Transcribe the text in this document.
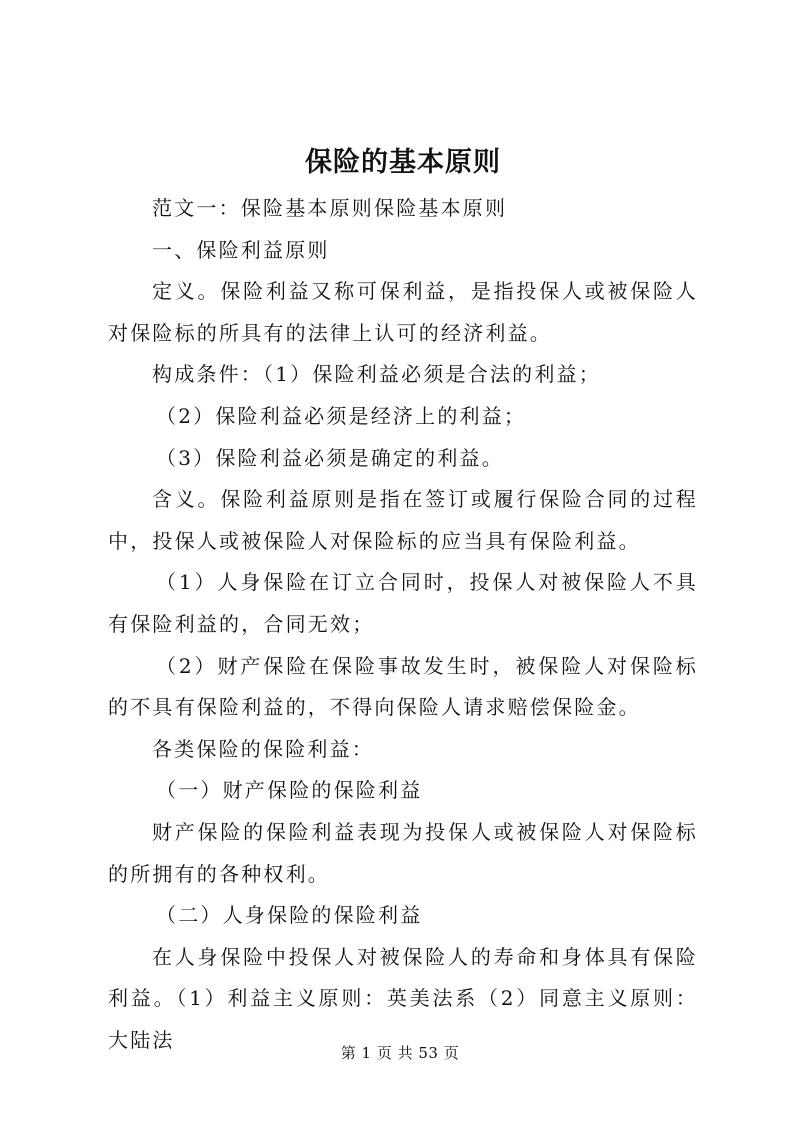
保险的基本原则

范文一：保险基本原则保险基本原则

一、保险利益原则

定义。保险利益又称可保利益，是指投保人或被保险人对保险标的所具有的法律上认可的经济利益。

构成条件：（1）保险利益必须是合法的利益；

（2）保险利益必须是经济上的利益；

（3）保险利益必须是确定的利益。

含义。保险利益原则是指在签订或履行保险合同的过程中，投保人或被保险人对保险标的应当具有保险利益。

（1）人身保险在订立合同时，投保人对被保险人不具有保险利益的，合同无效；

（2）财产保险在保险事故发生时，被保险人对保险标的不具有保险利益的，不得向保险人请求赔偿保险金。

各类保险的保险利益：

（一）财产保险的保险利益

财产保险的保险利益表现为投保人或被保险人对保险标的所拥有的各种权利。

（二）人身保险的保险利益

在人身保险中投保人对被保险人的寿命和身体具有保险利益。（1）利益主义原则：英美法系（2）同意主义原则：大陆法

第 1 页 共 53 页
